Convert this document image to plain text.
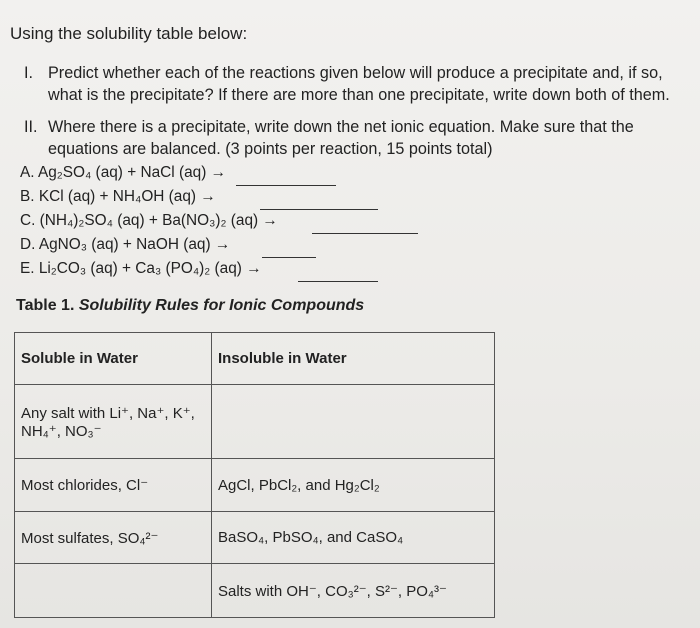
Using the solubility table below:
I. Predict whether each of the reactions given below will produce a precipitate and, if so,
what is the precipitate? If there are more than one precipitate, write down both of them.
II. Where there is a precipitate, write down the net ionic equation. Make sure that the
equations are balanced. (3 points per reaction, 15 points total)
A. Ag₂SO₄ (aq) + NaCl (aq) →
B. KCl (aq) + NH₄OH (aq) →
C. (NH₄)₂SO₄ (aq) + Ba(NO₃)₂ (aq) →
D. AgNO₃ (aq) + NaOH (aq) →
E. Li₂CO₃ (aq) + Ca₃ (PO₄)₂ (aq) →
Table 1. Solubility Rules for Ionic Compounds
Soluble in Water	Insoluble in Water
Any salt with Li⁺, Na⁺, K⁺,
NH₄⁺, NO₃⁻	
Most chlorides, Cl⁻	AgCl, PbCl₂, and Hg₂Cl₂
Most sulfates, SO₄²⁻	BaSO₄, PbSO₄, and CaSO₄
	Salts with OH⁻, CO₃²⁻, S²⁻, PO₄³⁻
